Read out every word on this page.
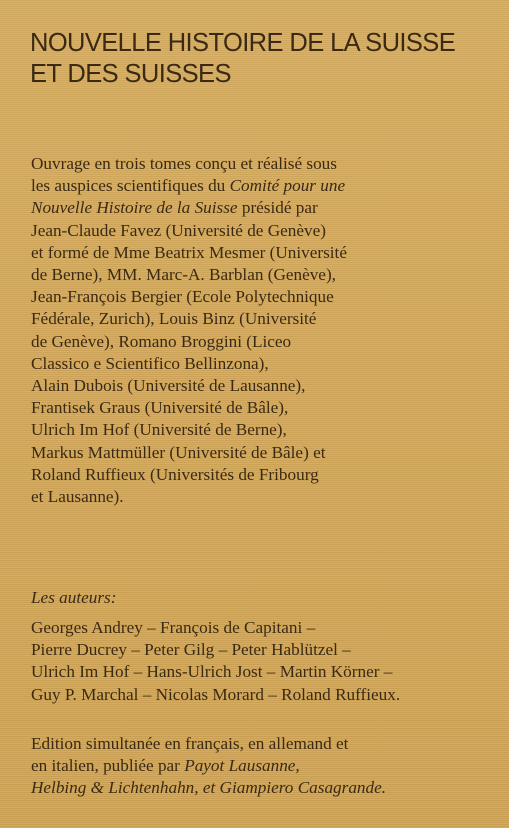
NOUVELLE HISTOIRE DE LA SUISSE
ET DES SUISSES
Ouvrage en trois tomes conçu et réalisé sous
les auspices scientifiques du Comité pour une
Nouvelle Histoire de la Suisse présidé par
Jean-Claude Favez (Université de Genève)
et formé de Mme Beatrix Mesmer (Université
de Berne), MM. Marc-A. Barblan (Genève),
Jean-François Bergier (Ecole Polytechnique
Fédérale, Zurich), Louis Binz (Université
de Genève), Romano Broggini (Liceo
Classico e Scientifico Bellinzona),
Alain Dubois (Université de Lausanne),
Frantisek Graus (Université de Bâle),
Ulrich Im Hof (Université de Berne),
Markus Mattmüller (Université de Bâle) et
Roland Ruffieux (Universités de Fribourg
et Lausanne).
Les auteurs:
Georges Andrey – François de Capitani –
Pierre Ducrey – Peter Gilg – Peter Hablützel –
Ulrich Im Hof – Hans-Ulrich Jost – Martin Körner –
Guy P. Marchal – Nicolas Morard – Roland Ruffieux.
Edition simultanée en français, en allemand et
en italien, publiée par Payot Lausanne,
Helbing & Lichtenhahn, et Giampiero Casagrande.
